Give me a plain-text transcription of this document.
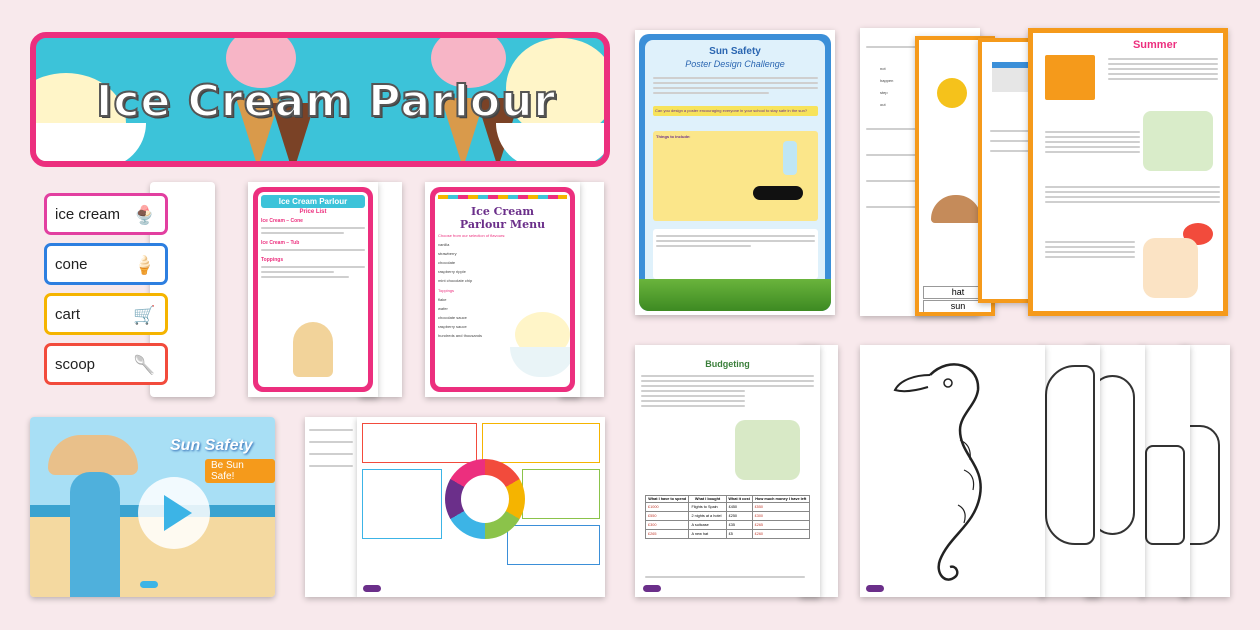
Ice Cream Parlour
ice cream 🍨
cone	🍦
cart	🛒
scoop 🥄
Ice Cream Parlour
Price List
Ice Cream – Cone
Ice Cream – Tub
Toppings
Ice Cream
Parlour Menu
Choose from our selection of flavours:
vanilla
strawberry
chocolate
raspberry ripple
mint chocolate chip
Toppings
flake
wafer
chocolate sauce
raspberry sauce
hundreds and thousands
Sun Safety
Poster Design Challenge
Can you design a poster encouraging everyone in your school to stay safe in the sun?
Things to include:
not
happen
step
out
hat
sun
Summer
Sun Safety
Be Sun Safe!
Budgeting
What I have to spend	What I bought	What it cost	How much money I have left
£1000	Flights to Spain	£450	£550
£550	2 nights at a hotel	£250	£300
£300	A suitcase	£35	£265
£265	A new hat	£5	£260
